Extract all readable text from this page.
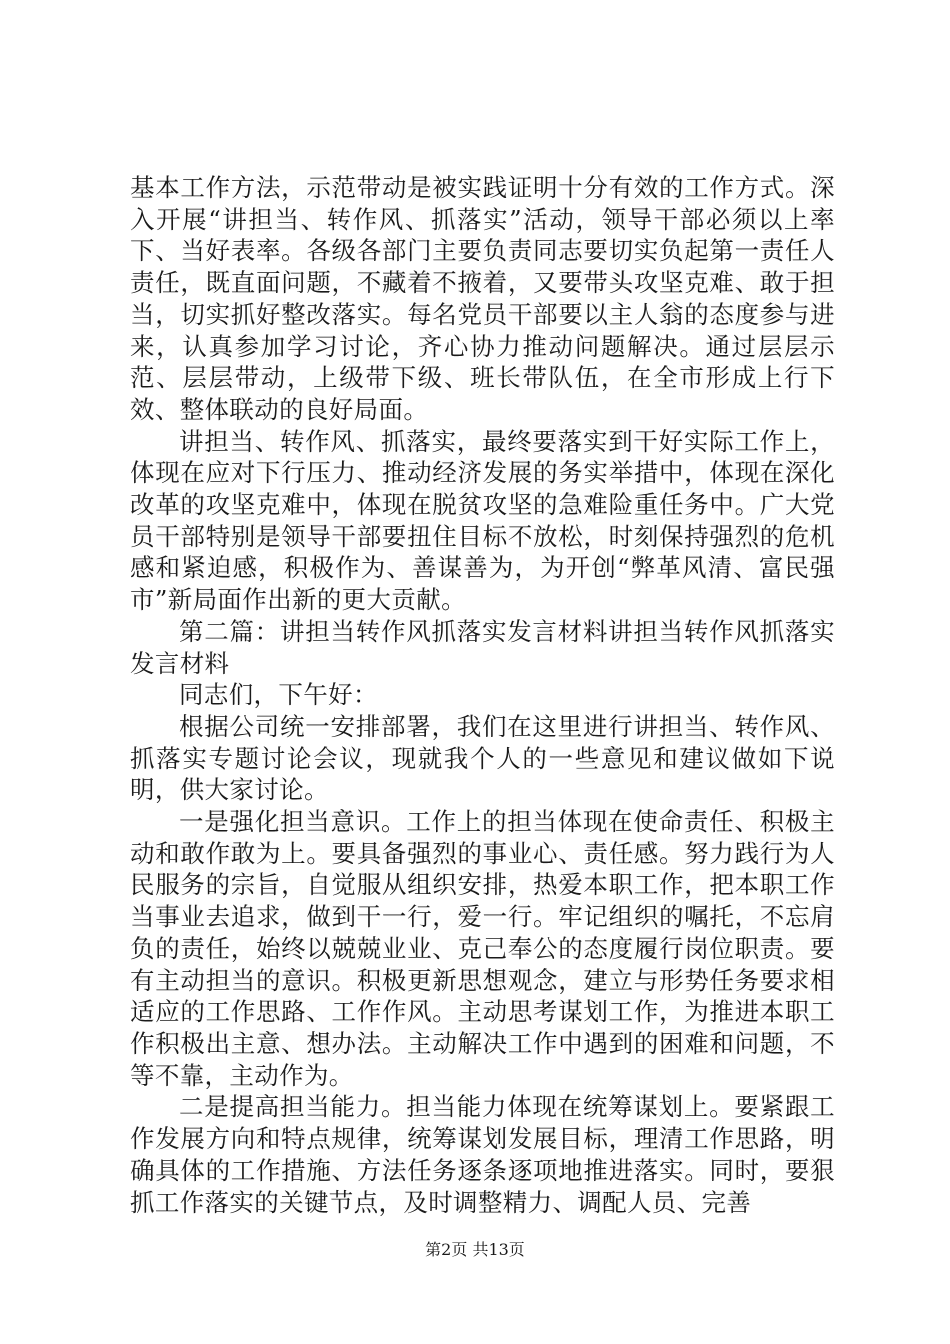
基本工作方法，示范带动是被实践证明十分有效的工作方式。深入开展“讲担当、转作风、抓落实”活动，领导干部必须以上率下、当好表率。各级各部门主要负责同志要切实负起第一责任人责任，既直面问题，不藏着不掖着，又要带头攻坚克难、敢于担当，切实抓好整改落实。每名党员干部要以主人翁的态度参与进来，认真参加学习讨论，齐心协力推动问题解决。通过层层示范、层层带动，上级带下级、班长带队伍，在全市形成上行下效、整体联动的良好局面。

讲担当、转作风、抓落实，最终要落实到干好实际工作上，体现在应对下行压力、推动经济发展的务实举措中，体现在深化改革的攻坚克难中，体现在脱贫攻坚的急难险重任务中。广大党员干部特别是领导干部要扭住目标不放松，时刻保持强烈的危机感和紧迫感，积极作为、善谋善为，为开创“弊革风清、富民强市”新局面作出新的更大贡献。

第二篇：讲担当转作风抓落实发言材料讲担当转作风抓落实发言材料

同志们，下午好：

根据公司统一安排部署，我们在这里进行讲担当、转作风、抓落实专题讨论会议，现就我个人的一些意见和建议做如下说明，供大家讨论。

一是强化担当意识。工作上的担当体现在使命责任、积极主动和敢作敢为上。要具备强烈的事业心、责任感。努力践行为人民服务的宗旨，自觉服从组织安排，热爱本职工作，把本职工作当事业去追求，做到干一行，爱一行。牢记组织的嘱托，不忘肩负的责任，始终以兢兢业业、克己奉公的态度履行岗位职责。要有主动担当的意识。积极更新思想观念，建立与形势任务要求相适应的工作思路、工作作风。主动思考谋划工作，为推进本职工作积极出主意、想办法。主动解决工作中遇到的困难和问题，不等不靠，主动作为。

二是提高担当能力。担当能力体现在统筹谋划上。要紧跟工作发展方向和特点规律，统筹谋划发展目标，理清工作思路，明确具体的工作措施、方法任务逐条逐项地推进落实。同时，要狠抓工作落实的关键节点，及时调整精力、调配人员、完善

第2页 共13页
